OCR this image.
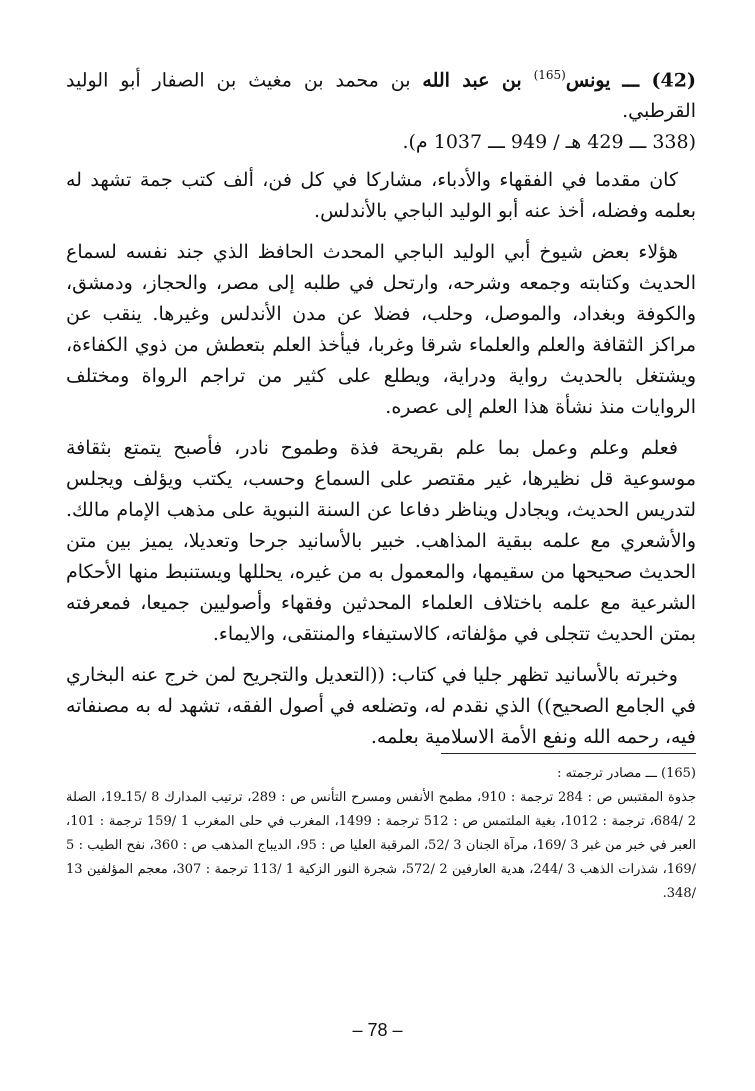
(42) ـــ يونس$^{(165)}$ بن عبد الله بن محمد بن مغيث بن الصفار أبو الوليد القرطبي.

(338 ـــ 429 هـ / 949 ـــ 1037 م).

كان مقدما في الفقهاء والأدباء، مشاركا في كل فن، ألف كتب جمة تشهد له بعلمه وفضله، أخذ عنه أبو الوليد الباجي بالأندلس.

هؤلاء بعض شيوخ أبي الوليد الباجي المحدث الحافظ الذي جند نفسه لسماع الحديث وكتابته وجمعه وشرحه، وارتحل في طلبه إلى مصر، والحجاز، ودمشق، والكوفة وبغداد، والموصل، وحلب، فضلا عن مدن الأندلس وغيرها. ينقب عن مراكز الثقافة والعلم والعلماء شرقا وغربا، فيأخذ العلم بتعطش من ذوي الكفاءة، ويشتغل بالحديث رواية ودراية، ويطلع على كثير من تراجم الرواة ومختلف الروايات منذ نشأة هذا العلم إلى عصره.

فعلم وعلم وعمل بما علم بقريحة فذة وطموح نادر، فأصبح يتمتع بثقافة موسوعية قل نظيرها، غير مقتصر على السماع وحسب، يكتب ويؤلف ويجلس لتدريس الحديث، ويجادل ويناظر دفاعا عن السنة النبوية على مذهب الإمام مالك. والأشعري مع علمه ببقية المذاهب. خبير بالأسانيد جرحا وتعديلا، يميز بين متن الحديث صحيحها من سقيمها، والمعمول به من غيره، يحللها ويستنبط منها الأحكام الشرعية مع علمه باختلاف العلماء المحدثين وفقهاء وأصوليين جميعا، فمعرفته بمتن الحديث تتجلى في مؤلفاته، كالاستيفاء والمنتقى، والايماء.

وخبرته بالأسانيد تظهر جليا في كتاب: ((التعديل والتجريح لمن خرج عنه البخاري في الجامع الصحيح)) الذي نقدم له، وتضلعه في أصول الفقه، تشهد له به مصنفاته فيه، رحمه الله ونفع الأمة الاسلامية بعلمه.

(165) ـــ مصادر ترجمته :

جذوة المقتبس ص : 284 ترجمة : 910، مطمح الأنفس ومسرح التأنس ص : 289، ترتيب المدارك 8 /15ـ19، الصلة 2 /684، ترجمة : 1012، بغية الملتمس ص : 512 ترجمة : 1499، المغرب في حلى المغرب 1 /159 ترجمة : 101، العبر في خبر من غبر 3 /169، مرآة الجنان 3 /52، المرقبة العليا ص : 95، الديباج المذهب ص : 360، نفح الطيب : 5 /169، شذرات الذهب 3 /244، هدية العارفين 2 /572، شجرة النور الزكية 1 /113 ترجمة : 307، معجم المؤلفين 13 /348.

– 78 –
